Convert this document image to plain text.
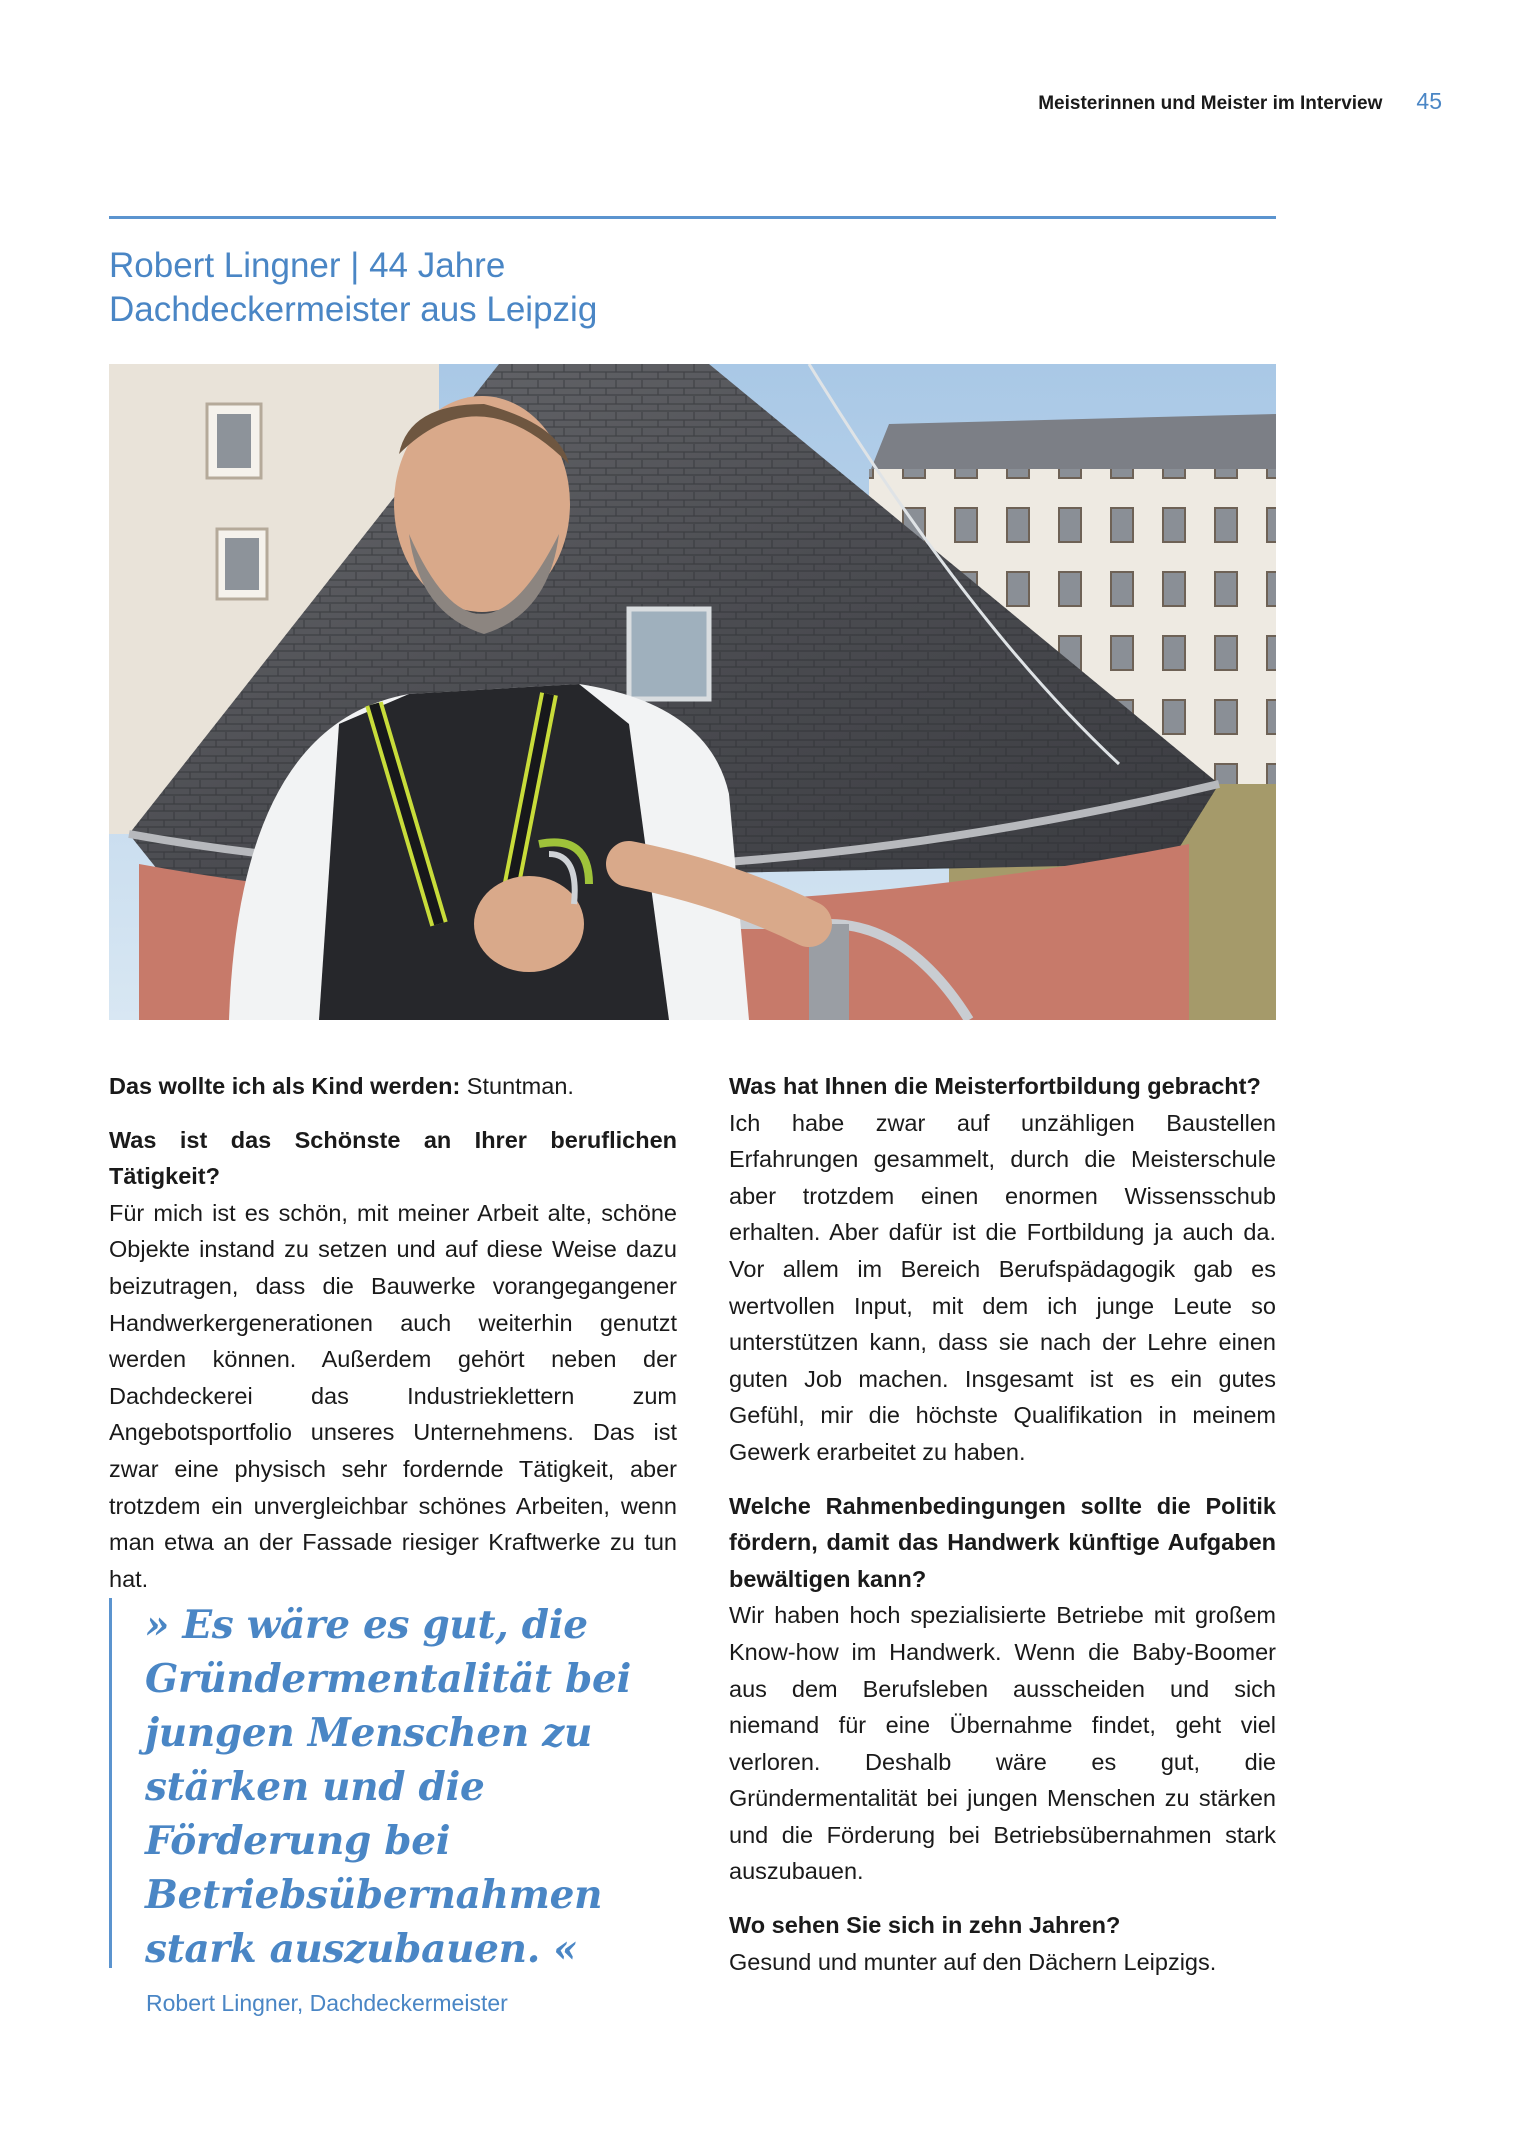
Meisterinnen und Meister im Interview 45
Robert Lingner | 44 Jahre
Dachdeckermeister aus Leipzig

Das wollte ich als Kind werden: Stuntman.

Was ist das Schönste an Ihrer beruflichen Tätigkeit?
Für mich ist es schön, mit meiner Arbeit alte, schöne Objekte instand zu setzen und auf diese Weise dazu beizutragen, dass die Bauwerke vorangegangener Handwerkergenerationen auch weiterhin genutzt werden können. Außerdem gehört neben der Dachdeckerei das Industrieklettern zum Angebotsportfolio unseres Unternehmens. Das ist zwar eine physisch sehr fordernde Tätigkeit, aber trotzdem ein unvergleichbar schönes Arbeiten, wenn man etwa an der Fassade riesiger Kraftwerke zu tun hat.

» Es wäre es gut, die Gründermentalität bei jungen Menschen zu stärken und die Förderung bei Betriebsübernahmen stark auszubauen. «

Robert Lingner, Dachdeckermeister

Was hat Ihnen die Meisterfortbildung gebracht?
Ich habe zwar auf unzähligen Baustellen Erfahrungen gesammelt, durch die Meisterschule aber trotzdem einen enormen Wissensschub erhalten. Aber dafür ist die Fortbildung ja auch da. Vor allem im Bereich Berufspädagogik gab es wertvollen Input, mit dem ich junge Leute so unterstützen kann, dass sie nach der Lehre einen guten Job machen. Insgesamt ist es ein gutes Gefühl, mir die höchste Qualifikation in meinem Gewerk erarbeitet zu haben.

Welche Rahmenbedingungen sollte die Politik fördern, damit das Handwerk künftige Aufgaben bewältigen kann?
Wir haben hoch spezialisierte Betriebe mit großem Know-how im Handwerk. Wenn die Baby-Boomer aus dem Berufsleben ausscheiden und sich niemand für eine Übernahme findet, geht viel verloren. Deshalb wäre es gut, die Gründermentalität bei jungen Menschen zu stärken und die Förderung bei Betriebsübernahmen stark auszubauen.

Wo sehen Sie sich in zehn Jahren?
Gesund und munter auf den Dächern Leipzigs.
